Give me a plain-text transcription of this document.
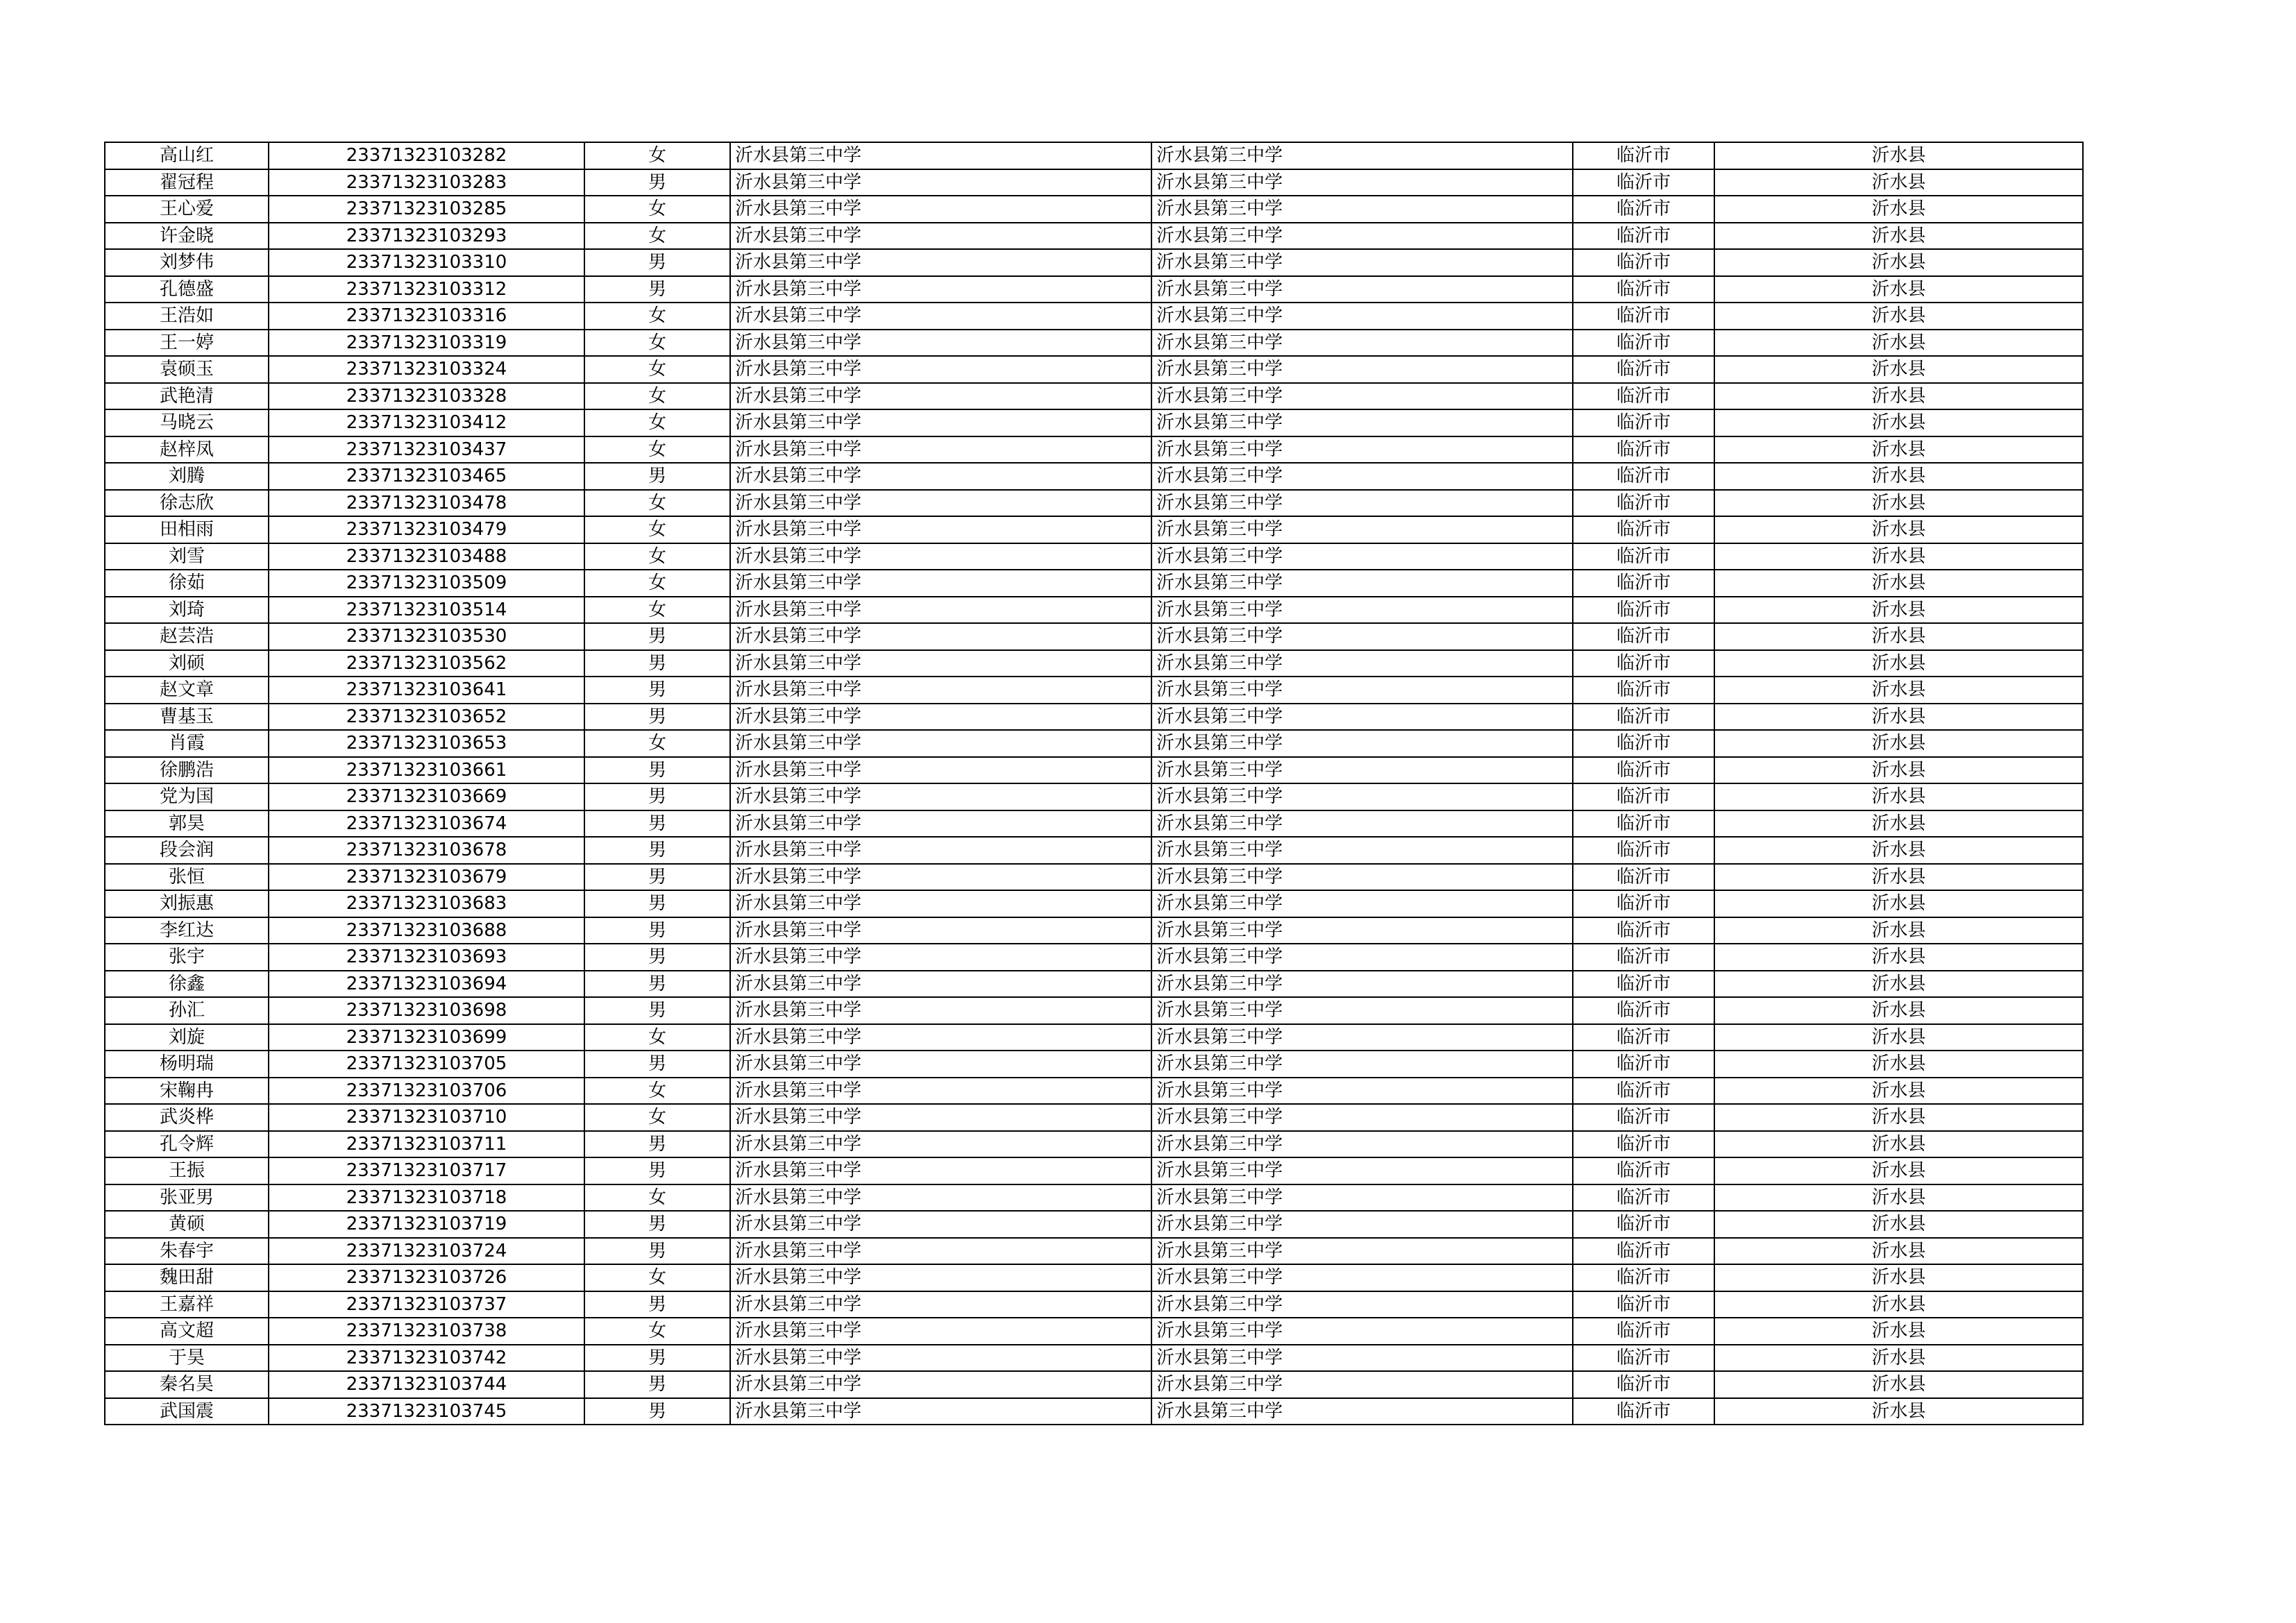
高山红	23371323103282	女	沂水县第三中学	沂水县第三中学	临沂市	沂水县
翟冠程	23371323103283	男	沂水县第三中学	沂水县第三中学	临沂市	沂水县
王心爱	23371323103285	女	沂水县第三中学	沂水县第三中学	临沂市	沂水县
许金晓	23371323103293	女	沂水县第三中学	沂水县第三中学	临沂市	沂水县
刘梦伟	23371323103310	男	沂水县第三中学	沂水县第三中学	临沂市	沂水县
孔德盛	23371323103312	男	沂水县第三中学	沂水县第三中学	临沂市	沂水县
王浩如	23371323103316	女	沂水县第三中学	沂水县第三中学	临沂市	沂水县
王一婷	23371323103319	女	沂水县第三中学	沂水县第三中学	临沂市	沂水县
袁硕玉	23371323103324	女	沂水县第三中学	沂水县第三中学	临沂市	沂水县
武艳清	23371323103328	女	沂水县第三中学	沂水县第三中学	临沂市	沂水县
马晓云	23371323103412	女	沂水县第三中学	沂水县第三中学	临沂市	沂水县
赵梓凤	23371323103437	女	沂水县第三中学	沂水县第三中学	临沂市	沂水县
刘腾	23371323103465	男	沂水县第三中学	沂水县第三中学	临沂市	沂水县
徐志欣	23371323103478	女	沂水县第三中学	沂水县第三中学	临沂市	沂水县
田相雨	23371323103479	女	沂水县第三中学	沂水县第三中学	临沂市	沂水县
刘雪	23371323103488	女	沂水县第三中学	沂水县第三中学	临沂市	沂水县
徐茹	23371323103509	女	沂水县第三中学	沂水县第三中学	临沂市	沂水县
刘琦	23371323103514	女	沂水县第三中学	沂水县第三中学	临沂市	沂水县
赵芸浩	23371323103530	男	沂水县第三中学	沂水县第三中学	临沂市	沂水县
刘硕	23371323103562	男	沂水县第三中学	沂水县第三中学	临沂市	沂水县
赵文章	23371323103641	男	沂水县第三中学	沂水县第三中学	临沂市	沂水县
曹基玉	23371323103652	男	沂水县第三中学	沂水县第三中学	临沂市	沂水县
肖霞	23371323103653	女	沂水县第三中学	沂水县第三中学	临沂市	沂水县
徐鹏浩	23371323103661	男	沂水县第三中学	沂水县第三中学	临沂市	沂水县
党为国	23371323103669	男	沂水县第三中学	沂水县第三中学	临沂市	沂水县
郭昊	23371323103674	男	沂水县第三中学	沂水县第三中学	临沂市	沂水县
段会润	23371323103678	男	沂水县第三中学	沂水县第三中学	临沂市	沂水县
张恒	23371323103679	男	沂水县第三中学	沂水县第三中学	临沂市	沂水县
刘振惠	23371323103683	男	沂水县第三中学	沂水县第三中学	临沂市	沂水县
李红达	23371323103688	男	沂水县第三中学	沂水县第三中学	临沂市	沂水县
张宇	23371323103693	男	沂水县第三中学	沂水县第三中学	临沂市	沂水县
徐鑫	23371323103694	男	沂水县第三中学	沂水县第三中学	临沂市	沂水县
孙汇	23371323103698	男	沂水县第三中学	沂水县第三中学	临沂市	沂水县
刘旋	23371323103699	女	沂水县第三中学	沂水县第三中学	临沂市	沂水县
杨明瑞	23371323103705	男	沂水县第三中学	沂水县第三中学	临沂市	沂水县
宋鞠冉	23371323103706	女	沂水县第三中学	沂水县第三中学	临沂市	沂水县
武炎桦	23371323103710	女	沂水县第三中学	沂水县第三中学	临沂市	沂水县
孔令辉	23371323103711	男	沂水县第三中学	沂水县第三中学	临沂市	沂水县
王振	23371323103717	男	沂水县第三中学	沂水县第三中学	临沂市	沂水县
张亚男	23371323103718	女	沂水县第三中学	沂水县第三中学	临沂市	沂水县
黄硕	23371323103719	男	沂水县第三中学	沂水县第三中学	临沂市	沂水县
朱春宇	23371323103724	男	沂水县第三中学	沂水县第三中学	临沂市	沂水县
魏田甜	23371323103726	女	沂水县第三中学	沂水县第三中学	临沂市	沂水县
王嘉祥	23371323103737	男	沂水县第三中学	沂水县第三中学	临沂市	沂水县
高文超	23371323103738	女	沂水县第三中学	沂水县第三中学	临沂市	沂水县
于昊	23371323103742	男	沂水县第三中学	沂水县第三中学	临沂市	沂水县
秦名昊	23371323103744	男	沂水县第三中学	沂水县第三中学	临沂市	沂水县
武国震	23371323103745	男	沂水县第三中学	沂水县第三中学	临沂市	沂水县
